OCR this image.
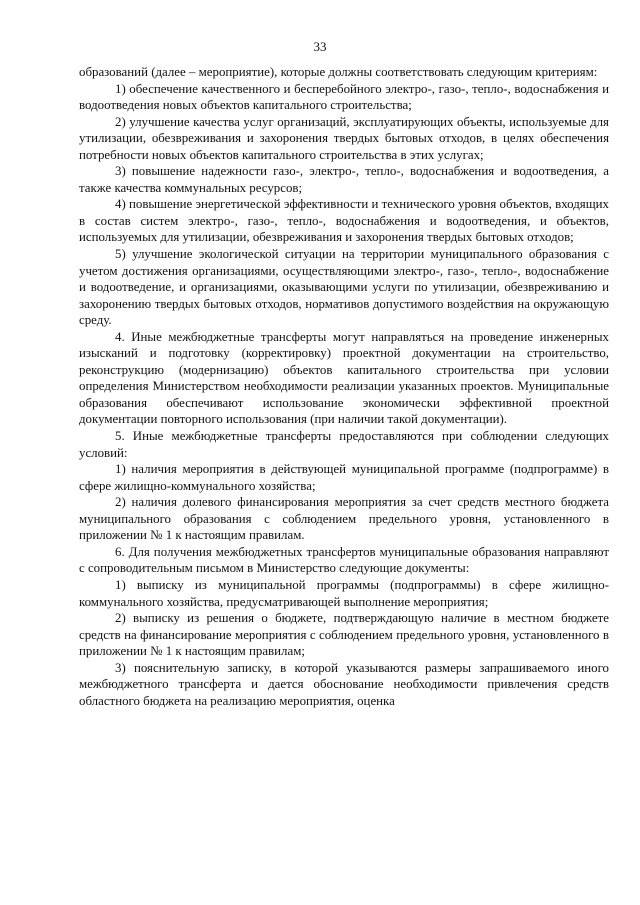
33

образований (далее – мероприятие), которые должны соответствовать следующим критериям:

1) обеспечение качественного и бесперебойного электро-, газо-, тепло-, водоснабжения и водоотведения новых объектов капитального строительства;

2) улучшение качества услуг организаций, эксплуатирующих объекты, используемые для утилизации, обезвреживания и захоронения твердых бытовых отходов, в целях обеспечения потребности новых объектов капитального строительства в этих услугах;

3) повышение надежности газо-, электро-, тепло-, водоснабжения и водоотведения, а также качества коммунальных ресурсов;

4) повышение энергетической эффективности и технического уровня объектов, входящих в состав систем электро-, газо-, тепло-, водоснабжения и водоотведения, и объектов, используемых для утилизации, обезвреживания и захоронения твердых бытовых отходов;

5) улучшение экологической ситуации на территории муниципального образования с учетом достижения организациями, осуществляющими электро-, газо-, тепло-, водоснабжение и водоотведение, и организациями, оказывающими услуги по утилизации, обезвреживанию и захоронению твердых бытовых отходов, нормативов допустимого воздействия на окружающую среду.

4. Иные межбюджетные трансферты могут направляться на проведение инженерных изысканий и подготовку (корректировку) проектной документации на строительство, реконструкцию (модернизацию) объектов капитального строительства при условии определения Министерством необходимости реализации указанных проектов. Муниципальные образования обеспечивают использование экономически эффективной проектной документации повторного использования (при наличии такой документации).

5. Иные межбюджетные трансферты предоставляются при соблюдении следующих условий:

1) наличия мероприятия в действующей муниципальной программе (подпрограмме) в сфере жилищно-коммунального хозяйства;

2) наличия долевого финансирования мероприятия за счет средств местного бюджета муниципального образования с соблюдением предельного уровня, установленного в приложении № 1 к настоящим правилам.

6. Для получения межбюджетных трансфертов муниципальные образования направляют с сопроводительным письмом в Министерство следующие документы:

1) выписку из муниципальной программы (подпрограммы) в сфере жилищно-коммунального хозяйства, предусматривающей выполнение мероприятия;

2) выписку из решения о бюджете, подтверждающую наличие в местном бюджете средств на финансирование мероприятия с соблюдением предельного уровня, установленного в приложении № 1 к настоящим правилам;

3) пояснительную записку, в которой указываются размеры запрашиваемого иного межбюджетного трансферта и дается обоснование необходимости привлечения средств областного бюджета на реализацию мероприятия, оценка
